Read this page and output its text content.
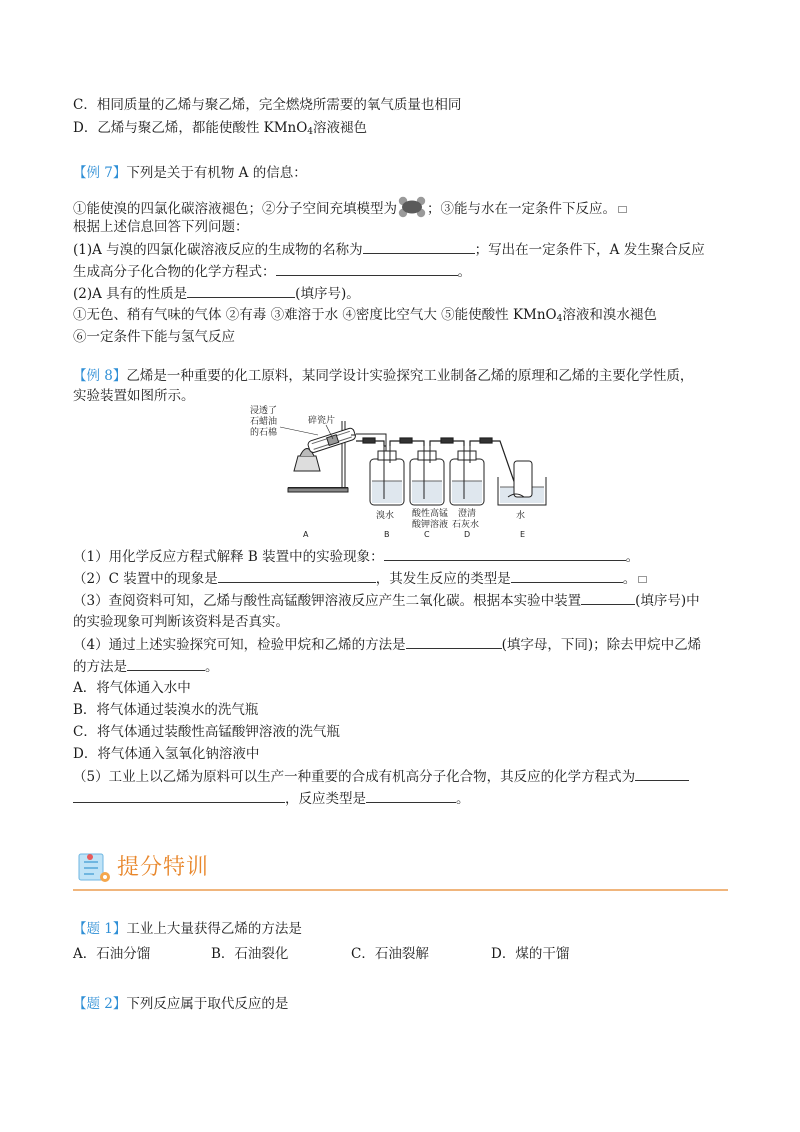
C．相同质量的乙烯与聚乙烯，完全燃烧所需要的氧气质量也相同
D．乙烯与聚乙烯，都能使酸性 KMnO$_4$溶液褪色
【例 7】下列是关于有机物 A 的信息：
①能使溴的四氯化碳溶液褪色；②分子空间充填模型为 ；③能与水在一定条件下反应。
根据上述信息回答下列问题：
(1)A 与溴的四氯化碳溶液反应的生成物的名称为	；写出在一定条件下，A 发生聚合反应
生成高分子化合物的化学方程式：	。
(2)A 具有的性质是	(填序号)。
①无色、稍有气味的气体 ②有毒 ③难溶于水 ④密度比空气大 ⑤能使酸性 KMnO$_4$溶液和溴水褪色
⑥一定条件下能与氢气反应
【例 8】乙烯是一种重要的化工原料，某同学设计实验探究工业制备乙烯的原理和乙烯的主要化学性质，
实验装置如图所示。
浸透了
石蜡油
的石棉
碎瓷片
溴水 酸性高锰
酸钾溶液
澄清
石灰水
水
A	B	C	D	E
（1）用化学反应方程式解释 B 装置中的实验现象：	。
（2）C 装置中的现象是	，其发生反应的类型是	。
（3）查阅资料可知，乙烯与酸性高锰酸钾溶液反应产生二氧化碳。根据本实验中装置	(填序号)中
的实验现象可判断该资料是否真实。
（4）通过上述实验探究可知，检验甲烷和乙烯的方法是	(填字母，下同)；除去甲烷中乙烯
的方法是	。
A．将气体通入水中
B．将气体通过装溴水的洗气瓶
C．将气体通过装酸性高锰酸钾溶液的洗气瓶
D．将气体通入氢氧化钠溶液中
（5）工业上以乙烯为原料可以生产一种重要的合成有机高分子化合物，其反应的化学方程式为
，反应类型是	。
提分特训
【题 1】工业上大量获得乙烯的方法是
A．石油分馏	B．石油裂化	C．石油裂解	D．煤的干馏
【题 2】下列反应属于取代反应的是
